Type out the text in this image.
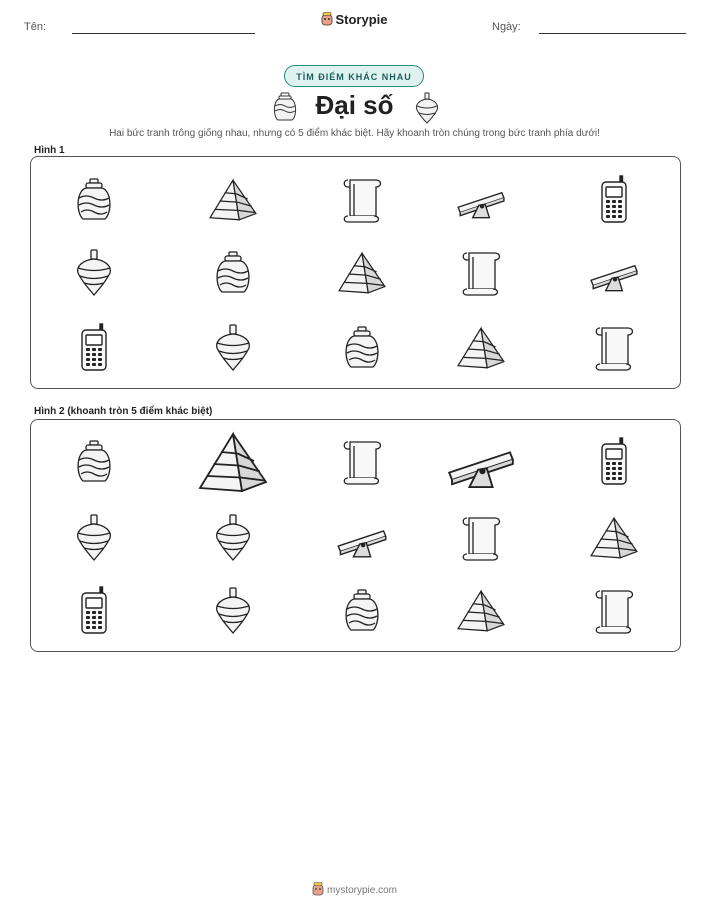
Tên:	Storypie	Ngày:
TÌM ĐIỂM KHÁC NHAU
Đại số
Hai bức tranh trông giống nhau, nhưng có 5 điểm khác biệt. Hãy khoanh tròn chúng trong bức tranh phía dưới!
Hình 1
Hình 2 (khoanh tròn 5 điểm khác biệt)
mystorypie.com
